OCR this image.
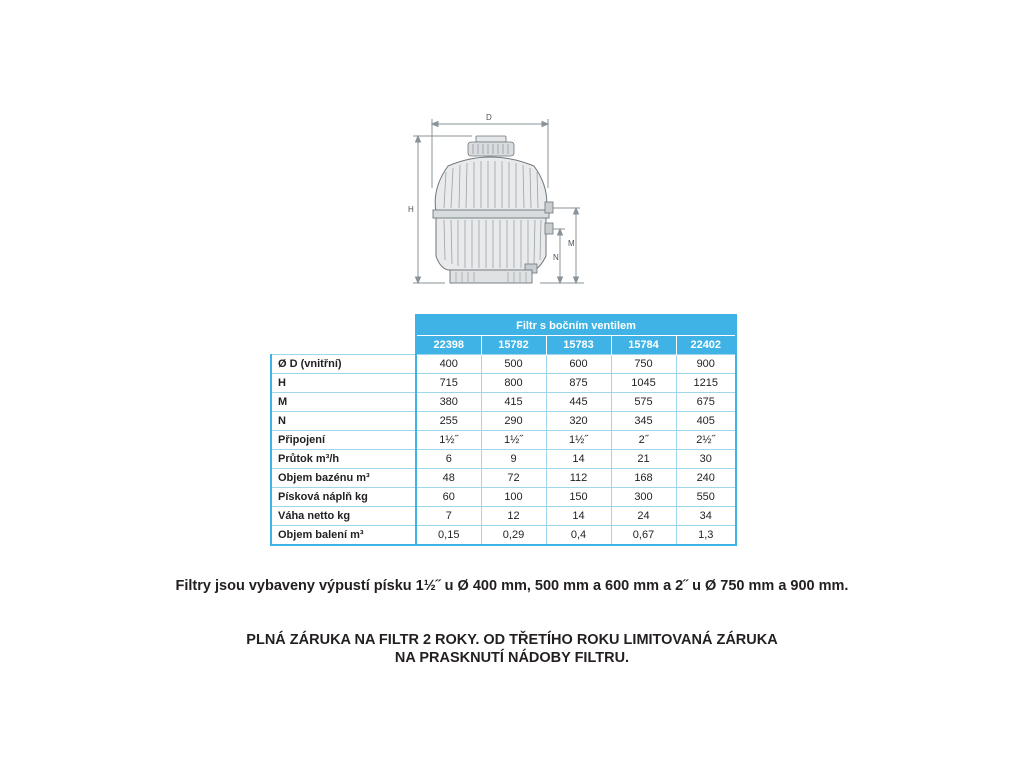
D
H
N
M
	Filtr s bočním ventilem				
	22398	15782	15783	15784	22402
Ø D (vnitřní)	400	500	600	750	900
H	715	800	875	1045	1215
M	380	415	445	575	675
N	255	290	320	345	405
Připojení	1½˝	1½˝	1½˝	2˝	2½˝
Průtok m³/h	6	9	14	21	30
Objem bazénu m³	48	72	112	168	240
Písková náplň kg	60	100	150	300	550
Váha netto kg	7	12	14	24	34
Objem balení m³	0,15	0,29	0,4	0,67	1,3
Filtry jsou vybaveny výpustí písku 1½˝ u Ø 400 mm, 500 mm a 600 mm a 2˝ u Ø 750 mm a 900 mm.
PLNÁ ZÁRUKA NA FILTR 2 ROKY. OD TŘETÍHO ROKU LIMITOVANÁ ZÁRUKA
NA PRASKNUTÍ NÁDOBY FILTRU.
